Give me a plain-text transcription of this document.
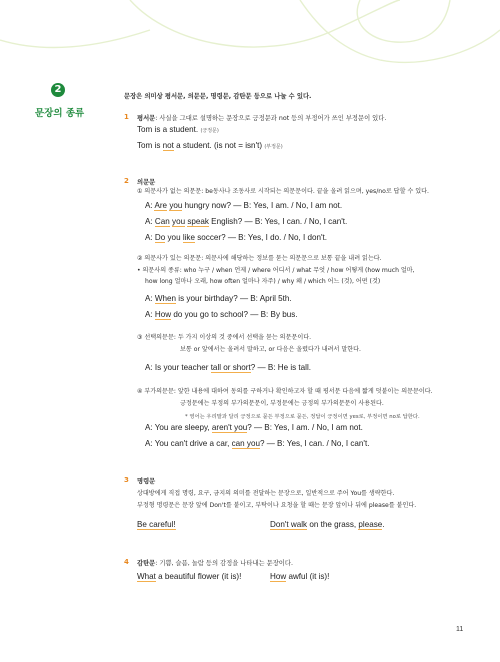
2
문장의 종류
문장은 의미상 평서문, 의문문, 명령문, 감탄문 등으로 나눌 수 있다.
1 평서문: 사실을 그대로 설명하는 문장으로 긍정문과 not 등의 부정어가 쓰인 부정문이 있다.
Tom is a student. (긍정문)
Tom is not a student. (is not = isn't) (부정문)
2 의문문
① 의문사가 없는 의문문: be동사나 조동사로 시작되는 의문문이다. 끝을 올려 읽으며, yes/no로 답할 수 있다.
A: Are you hungry now? — B: Yes, I am. / No, I am not.
A: Can you speak English? — B: Yes, I can. / No, I can't.
A: Do you like soccer? — B: Yes, I do. / No, I don't.
② 의문사가 있는 의문문: 의문사에 해당하는 정보를 묻는 의문문으로 보통 끝을 내려 읽는다.
• 의문사의 종류: who 누구 / when 언제 / where 어디서 / what 무엇 / how 어떻게 (how much 얼마,
how long 얼마나 오래, how often 얼마나 자주) / why 왜 / which 어느 (것), 어떤 (것)
A: When is your birthday? — B: April 5th.
A: How do you go to school? — B: By bus.
③ 선택의문문: 두 가지 이상의 것 중에서 선택을 묻는 의문문이다.
보통 or 앞에서는 올려서 말하고, or 다음은 올렸다가 내려서 말한다.
A: Is your teacher tall or short? — B: He is tall.
④ 부가의문문: 앞한 내용에 대하여 동의를 구하거나 확인하고자 할 때 평서문 다음에 짧게 덧붙이는 의문문이다.
긍정문에는 부정의 부가의문문이, 부정문에는 긍정의 부가의문문이 사용된다.
* 영어는 우리말과 달리 긍정으로 묻든 부정으로 묻든, 정답이 긍정이면 yes로, 부정이면 no로 답한다.
A: You are sleepy, aren't you? — B: Yes, I am. / No, I am not.
A: You can't drive a car, can you? — B: Yes, I can. / No, I can't.
3 명령문
상대방에게 직접 명령, 요구, 금지의 의미를 전달하는 문장으로, 일반적으로 주어 You를 생략한다.
부정형 명령문은 문장 앞에 Don't를 붙이고, 부탁이나 요청을 할 때는 문장 앞이나 뒤에 please를 붙인다.
Be careful!	Don't walk on the grass, please.
4 감탄문: 기쁨, 슬픔, 놀람 등의 감정을 나타내는 문장이다.
What a beautiful flower (it is)!	How awful (it is)!
11
